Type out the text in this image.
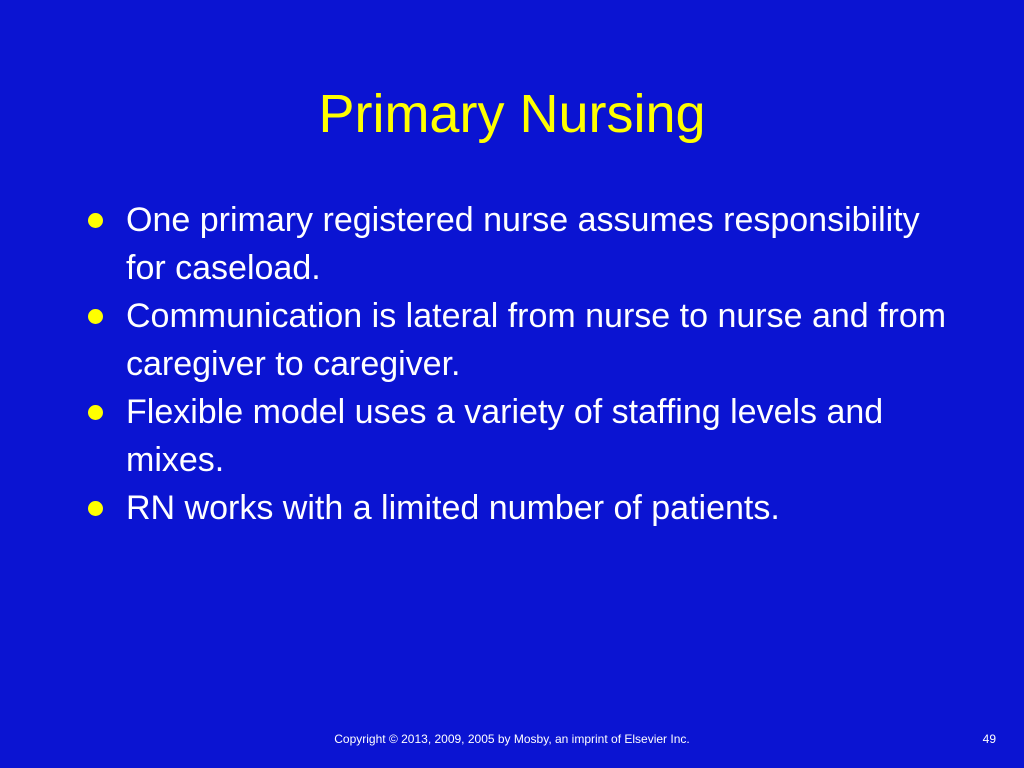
Primary Nursing
One primary registered nurse assumes responsibility for caseload.
Communication is lateral from nurse to nurse and from caregiver to caregiver.
Flexible model uses a variety of staffing levels and mixes.
RN works with a limited number of patients.
Copyright © 2013, 2009, 2005 by Mosby, an imprint of Elsevier Inc.	49
